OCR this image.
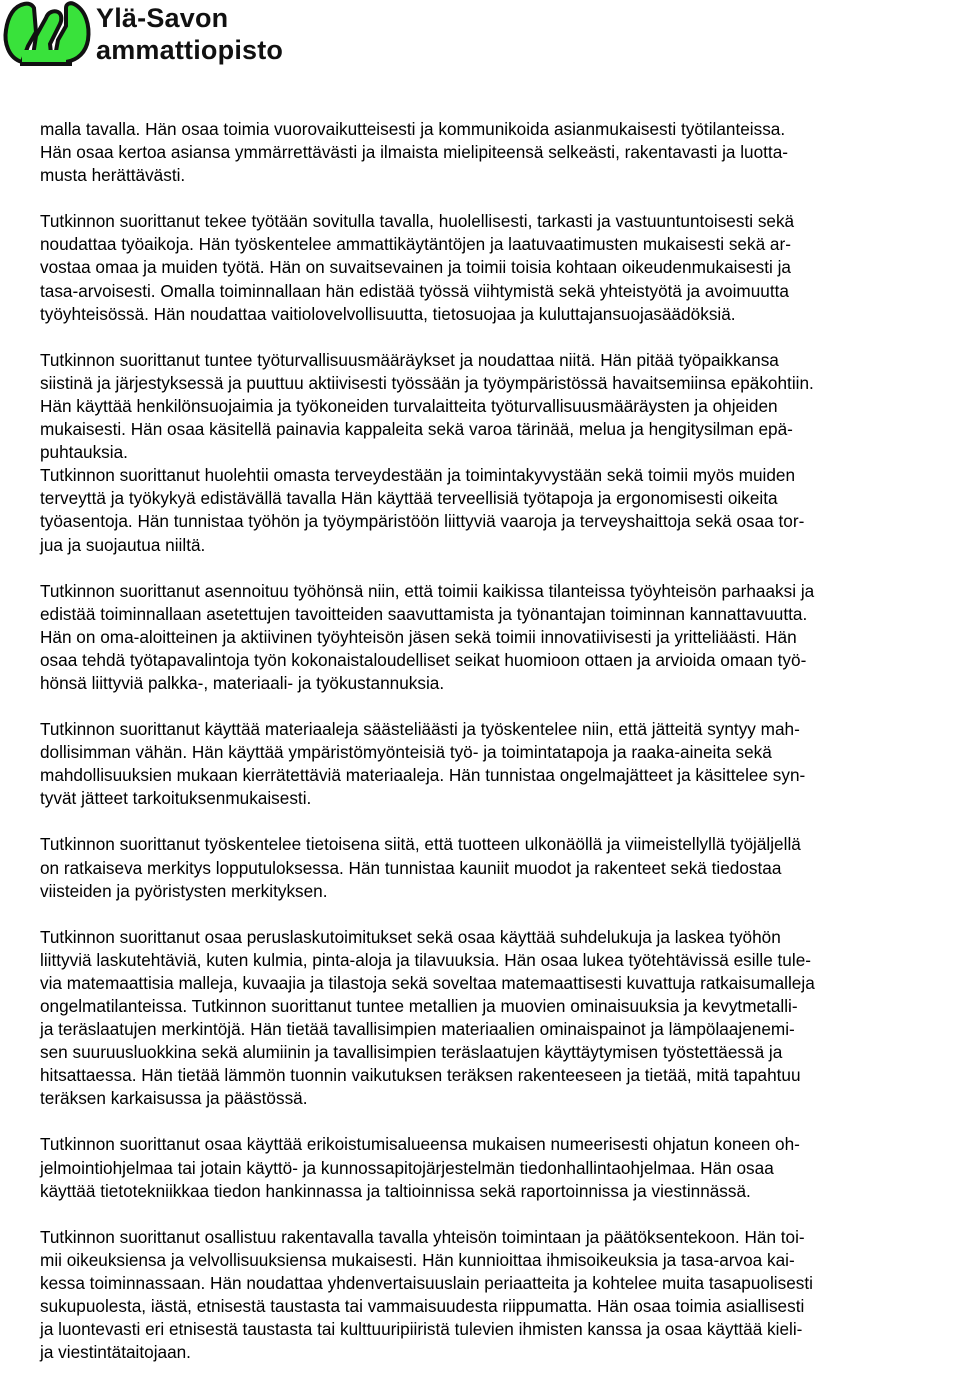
Ylä-Savon
ammattiopisto

malla tavalla. Hän osaa toimia vuorovaikutteisesti ja kommunikoida asianmukaisesti työtilanteissa.
Hän osaa kertoa asiansa ymmärrettävästi ja ilmaista mielipiteensä selkeästi, rakentavasti ja luotta-
musta herättävästi.

Tutkinnon suorittanut tekee työtään sovitulla tavalla, huolellisesti, tarkasti ja vastuuntuntoisesti sekä
noudattaa työaikoja. Hän työskentelee ammattikäytäntöjen ja laatuvaatimusten mukaisesti sekä ar-
vostaa omaa ja muiden työtä. Hän on suvaitsevainen ja toimii toisia kohtaan oikeudenmukaisesti ja
tasa-arvoisesti. Omalla toiminnallaan hän edistää työssä viihtymistä sekä yhteistyötä ja avoimuutta
työyhteisössä. Hän noudattaa vaitiolovelvollisuutta, tietosuojaa ja kuluttajansuojasäädöksiä.

Tutkinnon suorittanut tuntee työturvallisuusmääräykset ja noudattaa niitä. Hän pitää työpaikkansa
siistinä ja järjestyksessä ja puuttuu aktiivisesti työssään ja työympäristössä havaitsemiinsa epäkohtiin.
Hän käyttää henkilönsuojaimia ja työkoneiden turvalaitteita työturvallisuusmääräysten ja ohjeiden
mukaisesti. Hän osaa käsitellä painavia kappaleita sekä varoa tärinää, melua ja hengitysilman epä-
puhtauksia.

Tutkinnon suorittanut huolehtii omasta terveydestään ja toimintakyvystään sekä toimii myös muiden
terveyttä ja työkykyä edistävällä tavalla Hän käyttää terveellisiä työtapoja ja ergonomisesti oikeita
työasentoja. Hän tunnistaa työhön ja työympäristöön liittyviä vaaroja ja terveyshaittoja sekä osaa tor-
jua ja suojautua niiltä.

Tutkinnon suorittanut asennoituu työhönsä niin, että toimii kaikissa tilanteissa työyhteisön parhaaksi ja
edistää toiminnallaan asetettujen tavoitteiden saavuttamista ja työnantajan toiminnan kannattavuutta.
Hän on oma-aloitteinen ja aktiivinen työyhteisön jäsen sekä toimii innovatiivisesti ja yritteliäästi. Hän
osaa tehdä työtapavalintoja työn kokonaistaloudelliset seikat huomioon ottaen ja arvioida omaan työ-
hönsä liittyviä palkka-, materiaali- ja työkustannuksia.

Tutkinnon suorittanut käyttää materiaaleja säästeliäästi ja työskentelee niin, että jätteitä syntyy mah-
dollisimman vähän. Hän käyttää ympäristömyönteisiä työ- ja toimintatapoja ja raaka-aineita sekä
mahdollisuuksien mukaan kierrätettäviä materiaaleja. Hän tunnistaa ongelmajätteet ja käsittelee syn-
tyvät jätteet tarkoituksenmukaisesti.

Tutkinnon suorittanut työskentelee tietoisena siitä, että tuotteen ulkonäöllä ja viimeistellyllä työjäljellä
on ratkaiseva merkitys lopputuloksessa. Hän tunnistaa kauniit muodot ja rakenteet sekä tiedostaa
viisteiden ja pyöristysten merkityksen.

Tutkinnon suorittanut osaa peruslaskutoimitukset sekä osaa käyttää suhdelukuja ja laskea työhön
liittyviä laskutehtäviä, kuten kulmia, pinta-aloja ja tilavuuksia. Hän osaa lukea työtehtävissä esille tule-
via matemaattisia malleja, kuvaajia ja tilastoja sekä soveltaa matemaattisesti kuvattuja ratkaisumalleja
ongelmatilanteissa. Tutkinnon suorittanut tuntee metallien ja muovien ominaisuuksia ja kevytmetalli-
ja teräslaatujen merkintöjä. Hän tietää tavallisimpien materiaalien ominaispainot ja lämpölaajenemi-
sen suuruusluokkina sekä alumiinin ja tavallisimpien teräslaatujen käyttäytymisen työstettäessä ja
hitsattaessa. Hän tietää lämmön tuonnin vaikutuksen teräksen rakenteeseen ja tietää, mitä tapahtuu
teräksen karkaisussa ja päästössä.

Tutkinnon suorittanut osaa käyttää erikoistumisalueensa mukaisen numeerisesti ohjatun koneen oh-
jelmointiohjelmaa tai jotain käyttö- ja kunnossapitojärjestelmän tiedonhallintaohjelmaa. Hän osaa
käyttää tietotekniikkaa tiedon hankinnassa ja taltioinnissa sekä raportoinnissa ja viestinnässä.

Tutkinnon suorittanut osallistuu rakentavalla tavalla yhteisön toimintaan ja päätöksentekoon. Hän toi-
mii oikeuksiensa ja velvollisuuksiensa mukaisesti. Hän kunnioittaa ihmisoikeuksia ja tasa-arvoa kai-
kessa toiminnassaan. Hän noudattaa yhdenvertaisuuslain periaatteita ja kohtelee muita tasapuolisesti
sukupuolesta, iästä, etnisestä taustasta tai vammaisuudesta riippumatta. Hän osaa toimia asiallisesti
ja luontevasti eri etnisestä taustasta tai kulttuuripiiristä tulevien ihmisten kanssa ja osaa käyttää kieli-
ja viestintätaitojaan.
